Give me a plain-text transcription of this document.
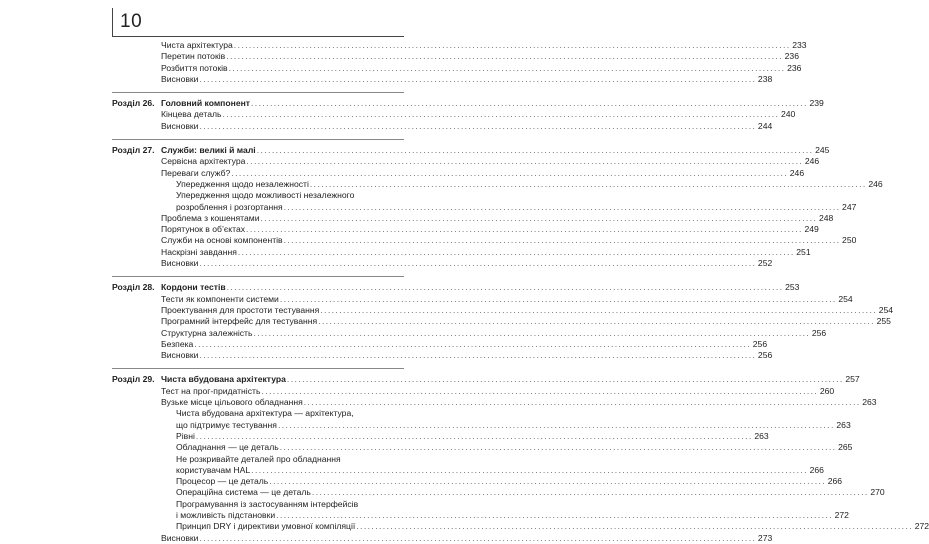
10
Чиста архітектура ................................................................................................................................................... 233
Перетин потоків ................................................................................................................................................... 236
Розбиття потоків ................................................................................................................................................... 236
Висновки ................................................................................................................................................... 238
Розділ 26. Головний компонент ................................................................................................................................................... 239
Кінцева деталь ................................................................................................................................................... 240
Висновки ................................................................................................................................................... 244
Розділ 27. Служби: великі й малі ................................................................................................................................................... 245
Сервісна архітектура ................................................................................................................................................... 246
Переваги служб? ................................................................................................................................................... 246
Упередження щодо незалежності ................................................................................................................................................... 246
Упередження щодо можливості незалежного
розроблення і розгортання ................................................................................................................................................... 247
Проблема з кошенятами ................................................................................................................................................... 248
Порятунок в об’єктах ................................................................................................................................................... 249
Служби на основі компонентів ................................................................................................................................................... 250
Наскрізні завдання ................................................................................................................................................... 251
Висновки ................................................................................................................................................... 252
Розділ 28. Кордони тестів ................................................................................................................................................... 253
Тести як компоненти системи ................................................................................................................................................... 254
Проектування для простоти тестування ................................................................................................................................................... 254
Програмний інтерфейс для тестування ................................................................................................................................................... 255
Структурна залежність ................................................................................................................................................... 256
Безпека ................................................................................................................................................... 256
Висновки ................................................................................................................................................... 256
Розділ 29. Чиста вбудована архітектура ................................................................................................................................................... 257
Тест на прог-придатність ................................................................................................................................................... 260
Вузьке місце цільового обладнання ................................................................................................................................................... 263
Чиста вбудована архітектура — архітектура,
що підтримує тестування ................................................................................................................................................... 263
Рівні ................................................................................................................................................... 263
Обладнання — це деталь ................................................................................................................................................... 265
Не розкривайте деталей про обладнання
користувачам HAL ................................................................................................................................................... 266
Процесор — це деталь ................................................................................................................................................... 266
Операційна система — це деталь ................................................................................................................................................... 270
Програмування із застосуванням інтерфейсів
і можливість підстановки ................................................................................................................................................... 272
Принцип DRY і директиви умовної компіляції ................................................................................................................................................... 272
Висновки ................................................................................................................................................... 273
